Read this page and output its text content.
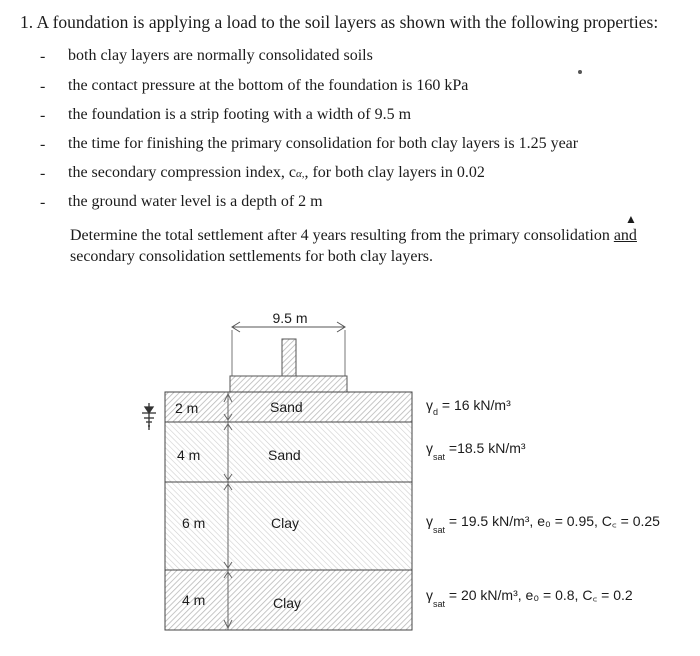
1. A foundation is applying a load to the soil layers as shown with the following properties:
- both clay layers are normally consolidated soils
- the contact pressure at the bottom of the foundation is 160 kPa
- the foundation is a strip footing with a width of 9.5 m
- the time for finishing the primary consolidation for both clay layers is 1.25 year
- the secondary compression index, cα,, for both clay layers in 0.02
- the ground water level is a depth of 2 m
▲
Determine the total settlement after 4 years resulting from the primary consolidation and secondary consolidation settlements for both clay layers.
9.5 m
2 m	Sand
4 m	Sand
6 m	Clay
4 m	Clay
$\gamma_d = 16$ kN/m³
$\gamma_{sat} =18.5$ kN/m³
$\gamma_{sat} = 19.5$ kN/m³, e₀ = 0.95, C꜀ = 0.25
$\gamma_{sat} = 20$ kN/m³, e₀ = 0.8, C꜀ = 0.2
